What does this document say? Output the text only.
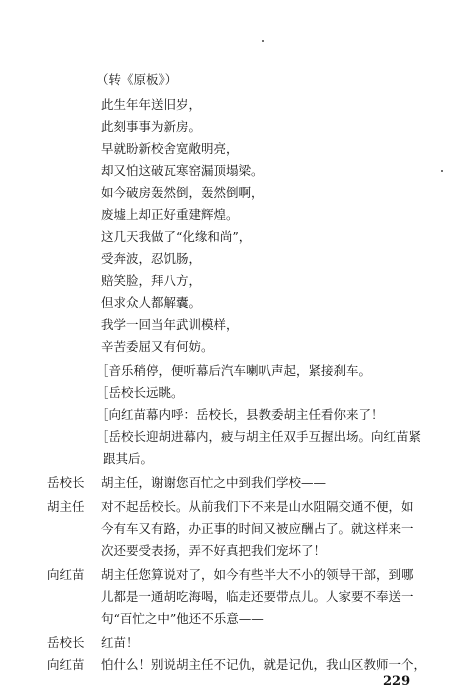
（转《原板》）
此生年年送旧岁，
此刻事事为新房。
早就盼新校舍宽敞明亮，
却又怕这破瓦寒窑漏顶塌梁。
如今破房轰然倒，轰然倒啊，
废墟上却正好重建辉煌。
这几天我做了“化缘和尚”，
受奔波，忍饥肠，
赔笑脸，拜八方，
但求众人都解囊。
我学一回当年武训模样，
辛苦委屈又有何妨。
［音乐稍停，便听幕后汽车喇叭声起，紧接刹车。
［岳校长远眺。
［向红苗幕内呼：岳校长，县教委胡主任看你来了！
［岳校长迎胡进幕内，疲与胡主任双手互握出场。向红苗紧
跟其后。
岳校长 胡主任，谢谢您百忙之中到我们学校——
胡主任 对不起岳校长。从前我们下不来是山水阻隔交通不便，如
今有车又有路，办正事的时间又被应酬占了。就这样来一
次还要受表扬，弄不好真把我们宠坏了！
向红苗 胡主任您算说对了，如今有些半大不小的领导干部，到哪
儿都是一通胡吃海喝，临走还要带点儿。人家要不奉送一
句“百忙之中”他还不乐意——
岳校长 红苗！
向红苗 怕什么！别说胡主任不记仇，就是记仇，我山区教师一个，
229
